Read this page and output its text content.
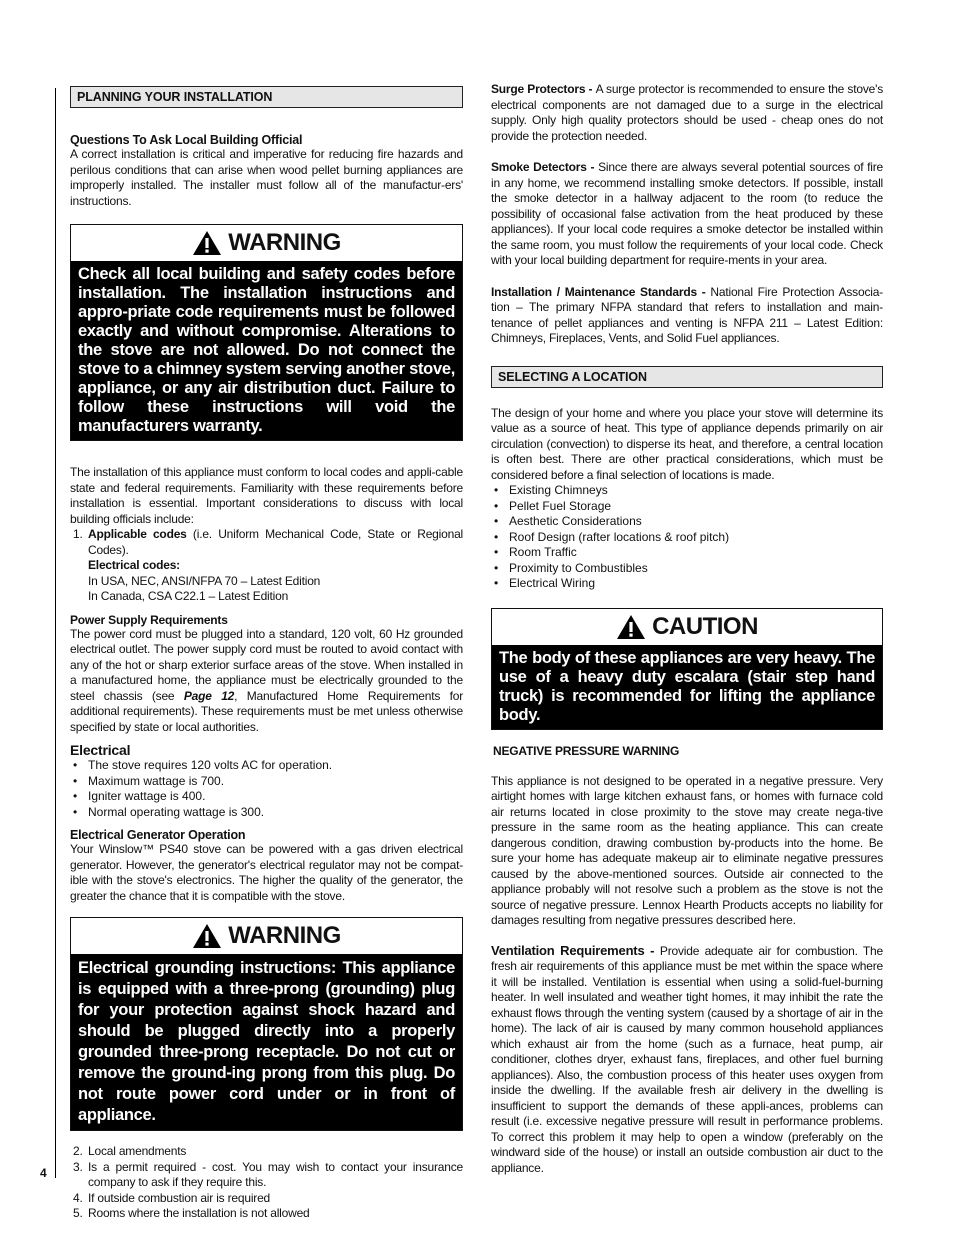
4
PLANNING YOUR INSTALLATION

Questions To Ask Local Building Official

A correct installation is critical and imperative for reducing fire hazards and perilous conditions that can arise when wood pellet burning appliances are improperly installed. The installer must follow all of the manufactur-ers' instructions.

WARNING
Check all local building and safety codes before installation. The installation instructions and appro-priate code requirements must be followed exactly and without compromise. Alterations to the stove are not allowed. Do not connect the stove to a chimney system serving another stove, appliance, or any air distribution duct. Failure to follow these instructions will void the manufacturers warranty.

The installation of this appliance must conform to local codes and appli-cable state and federal requirements. Familiarity with these requirements before installation is essential. Important considerations to discuss with local building officials include:

1. Applicable codes (i.e. Uniform Mechanical Code, State or Regional Codes).
Electrical codes:
In USA, NEC, ANSI/NFPA 70 – Latest Edition
In Canada, CSA C22.1 – Latest Edition

Power Supply Requirements

The power cord must be plugged into a standard, 120 volt, 60 Hz grounded electrical outlet. The power supply cord must be routed to avoid contact with any of the hot or sharp exterior surface areas of the stove. When installed in a manufactured home, the appliance must be electrically grounded to the steel chassis (see Page 12, Manufactured Home Requirements for additional requirements). These requirements must be met unless otherwise specified by state or local authorities.

Electrical

• The stove requires 120 volts AC for operation.
• Maximum wattage is 700.
• Igniter wattage is 400.
• Normal operating wattage is 300.

Electrical Generator Operation

Your Winslow™ PS40 stove can be powered with a gas driven electrical generator. However, the generator's electrical regulator may not be compat-ible with the stove's electronics. The higher the quality of the generator, the greater the chance that it is compatible with the stove.

WARNING
Electrical grounding instructions: This appliance is equipped with a three-prong (grounding) plug for your protection against shock hazard and should be plugged directly into a properly grounded three-prong receptacle. Do not cut or remove the ground-ing prong from this plug. Do not route power cord under or in front of appliance.
2. Local amendments
3. Is a permit required - cost. You may wish to contact your insurance company to ask if they require this.
4. If outside combustion air is required
5. Rooms where the installation is not allowed

Surge Protectors - A surge protector is recommended to ensure the stove's electrical components are not damaged due to a surge in the electrical supply. Only high quality protectors should be used - cheap ones do not provide the protection needed.

Smoke Detectors - Since there are always several potential sources of fire in any home, we recommend installing smoke detectors. If possible, install the smoke detector in a hallway adjacent to the room (to reduce the possibility of occasional false activation from the heat produced by these appliances). If your local code requires a smoke detector be installed within the same room, you must follow the requirements of your local code. Check with your local building department for require-ments in your area.

Installation / Maintenance Standards - National Fire Protection Associa-tion – The primary NFPA standard that refers to installation and main-tenance of pellet appliances and venting is NFPA 211 – Latest Edition: Chimneys, Fireplaces, Vents, and Solid Fuel appliances.

SELECTING A LOCATION

The design of your home and where you place your stove will determine its value as a source of heat. This type of appliance depends primarily on air circulation (convection) to disperse its heat, and therefore, a central location is often best. There are other practical considerations, which must be considered before a final selection of locations is made.

• Existing Chimneys
• Pellet Fuel Storage
• Aesthetic Considerations
• Roof Design (rafter locations & roof pitch)
• Room Traffic
• Proximity to Combustibles
• Electrical Wiring
CAUTION
The body of these appliances are very heavy. The use of a heavy duty escalara (stair step hand truck) is recommended for lifting the appliance body.

NEGATIVE PRESSURE WARNING

This appliance is not designed to be operated in a negative pressure. Very airtight homes with large kitchen exhaust fans, or homes with furnace cold air returns located in close proximity to the stove may create nega-tive pressure in the same room as the heating appliance. This can create dangerous condition, drawing combustion by-products into the home. Be sure your home has adequate makeup air to eliminate negative pressures caused by the above-mentioned sources. Outside air connected to the appliance probably will not resolve such a problem as the stove is not the source of negative pressure. Lennox Hearth Products accepts no liability for damages resulting from negative pressures described here.

Ventilation Requirements - Provide adequate air for combustion. The fresh air requirements of this appliance must be met within the space where it will be installed. Ventilation is essential when using a solid-fuel-burning heater. In well insulated and weather tight homes, it may inhibit the rate the exhaust flows through the venting system (caused by a shortage of air in the home). The lack of air is caused by many common household appliances which exhaust air from the home (such as a furnace, heat pump, air conditioner, clothes dryer, exhaust fans, fireplaces, and other fuel burning appliances). Also, the combustion process of this heater uses oxygen from inside the dwelling. If the available fresh air delivery in the dwelling is insufficient to support the demands of these appli-ances, problems can result (i.e. excessive negative pressure will result in performance problems. To correct this problem it may help to open a window (preferably on the windward side of the house) or install an outside combustion air duct to the appliance.
